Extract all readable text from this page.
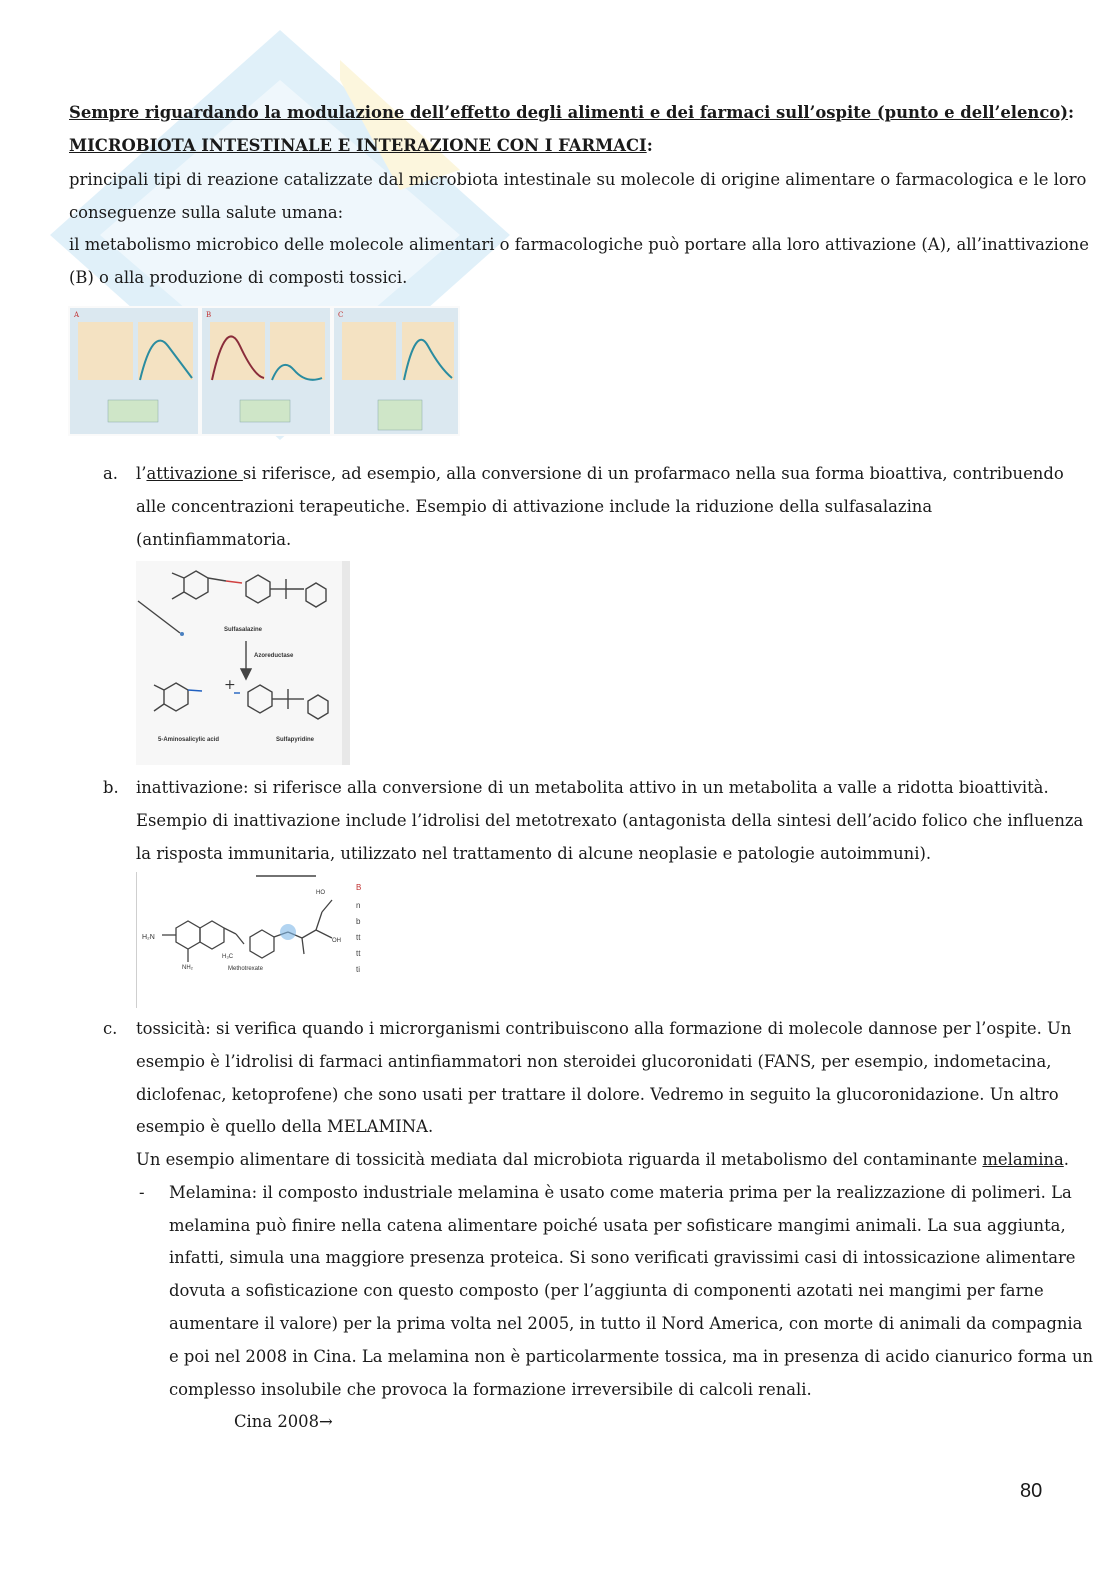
Sempre riguardando la modulazione dell’effetto degli alimenti e dei farmaci sull’ospite (punto e dell’elenco):
MICROBIOTA INTESTINALE E INTERAZIONE CON I FARMACI:
principali tipi di reazione catalizzate dal microbiota intestinale su molecole di origine alimentare o farmacologica e le loro
conseguenze sulla salute umana:
il metabolismo microbico delle molecole alimentari o farmacologiche può portare alla loro attivazione (A), all’inattivazione
(B) o alla produzione di composti tossici.
A	B	C
a. l’attivazione si riferisce, ad esempio, alla conversione di un profarmaco nella sua forma bioattiva, contribuendo
alle concentrazioni terapeutiche. Esempio di attivazione include la riduzione della sulfasalazina
(antinfiammatoria.
+
Sulfasalazine
Azoreductase
5-Aminosalicylic acid	Sulfapyridine
b. inattivazione: si riferisce alla conversione di un metabolita attivo in un metabolita a valle a ridotta bioattività.
Esempio di inattivazione include l’idrolisi del metotrexato (antagonista della sintesi dell’acido folico che influenza
la risposta immunitaria, utilizzato nel trattamento di alcune neoplasie e patologie autoimmuni).
H₂N
NH₂
H₃C
HO
OH
Methotrexate
B
n
b
tt
tt
ti
c. tossicità: si verifica quando i microrganismi contribuiscono alla formazione di molecole dannose per l’ospite. Un
esempio è l’idrolisi di farmaci antinfiammatori non steroidei glucoronidati (FANS, per esempio, indometacina,
diclofenac, ketoprofene) che sono usati per trattare il dolore. Vedremo in seguito la glucoronidazione. Un altro
esempio è quello della MELAMINA.
Un esempio alimentare di tossicità mediata dal microbiota riguarda il metabolismo del contaminante melamina.
- Melamina: il composto industriale melamina è usato come materia prima per la realizzazione di polimeri. La
melamina può finire nella catena alimentare poiché usata per sofisticare mangimi animali. La sua aggiunta,
infatti, simula una maggiore presenza proteica. Si sono verificati gravissimi casi di intossicazione alimentare
dovuta a sofisticazione con questo composto (per l’aggiunta di componenti azotati nei mangimi per farne
aumentare il valore) per la prima volta nel 2005, in tutto il Nord America, con morte di animali da compagnia
e poi nel 2008 in Cina. La melamina non è particolarmente tossica, ma in presenza di acido cianurico forma un
complesso insolubile che provoca la formazione irreversibile di calcoli renali.
Cina 2008→
80
